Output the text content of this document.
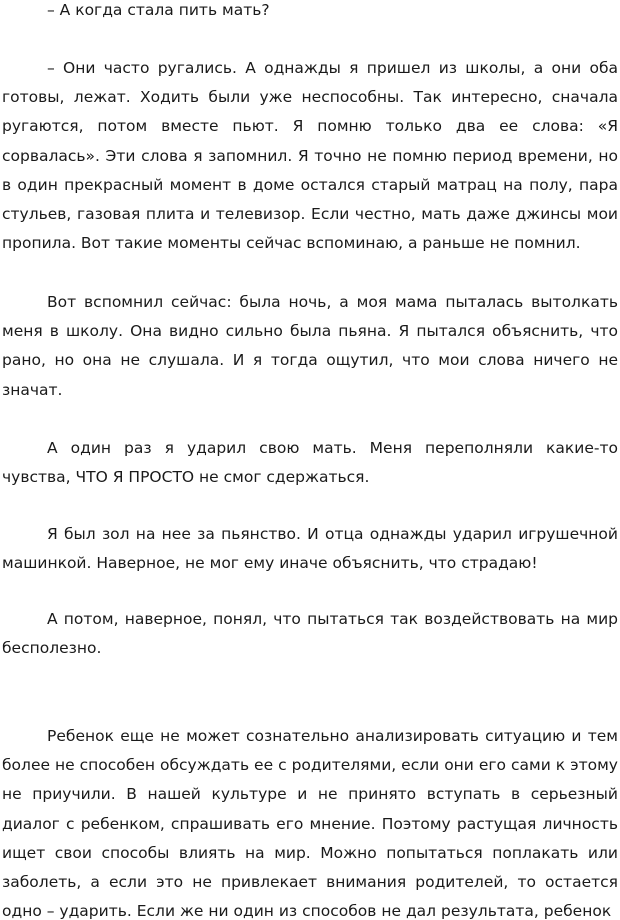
– А когда стала пить мать?

– Они часто ругались. А однажды я пришел из школы, а они оба готовы, лежат. Ходить были уже неспособны. Так интересно, сначала ругаются, потом вместе пьют. Я помню только два ее слова: «Я сорвалась». Эти слова я запомнил. Я точно не помню период времени, но в один прекрасный момент в доме остался старый матрац на полу, пара стульев, газовая плита и телевизор. Если честно, мать даже джинсы мои пропила. Вот такие моменты сейчас вспоминаю, а раньше не помнил.

Вот вспомнил сейчас: была ночь, а моя мама пыталась вытолкать меня в школу. Она видно сильно была пьяна. Я пытался объяснить, что рано, но она не слушала. И я тогда ощутил, что мои слова ничего не значат.

А один раз я ударил свою мать. Меня переполняли какие-то чувства, ЧТО Я ПРОСТО не смог сдержаться.

Я был зол на нее за пьянство. И отца однажды ударил игрушечной машинкой. Наверное, не мог ему иначе объяснить, что страдаю!

А потом, наверное, понял, что пытаться так воздействовать на мир бесполезно.

Ребенок еще не может сознательно анализировать ситуацию и тем более не способен обсуждать ее с родителями, если они его сами к этому не приучили. В нашей культуре и не принято вступать в серьезный диалог с ребенком, спрашивать его мнение. Поэтому растущая личность ищет свои способы влиять на мир. Можно попытаться поплакать или заболеть, а если это не привлекает внимания родителей, то остается одно – ударить. Если же ни один из способов не дал результата, ребенок
